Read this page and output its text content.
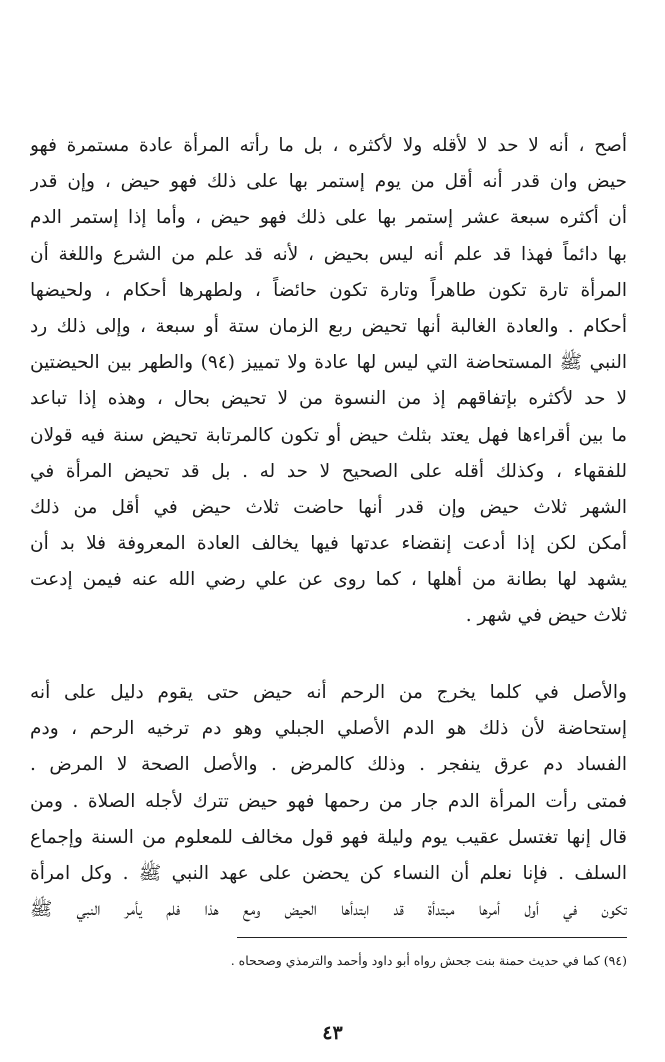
أصح ، أنه لا حد لا لأقله ولا لأكثره ، بل ما رأته المرأة عادة مستمرة فهو
حيض وان قدر أنه أقل من يوم إستمر بها على ذلك فهو حيض ، وإن قدر
أن أكثره سبعة عشر إستمر بها على ذلك فهو حيض ، وأما إذا إستمر الدم
بها دائماً فهذا قد علم أنه ليس بحيض ، لأنه قد علم من الشرع واللغة أن
المرأة تارة تكون طاهراً وتارة تكون حائضاً ، ولطهرها أحكام ، ولحيضها
أحكام . والعادة الغالبة أنها تحيض ربع الزمان ستة أو سبعة ، وإلى ذلك رد
النبي ﷺ المستحاضة التي ليس لها عادة ولا تمييز (٩٤) والطهر بين الحيضتين
لا حد لأكثره بإتفاقهم إذ من النسوة من لا تحيض بحال ، وهذه إذا تباعد
ما بين أقراءها فهل يعتد بثلث حيض أو تكون كالمرتابة تحيض سنة فيه قولان
للفقهاء ، وكذلك أقله على الصحيح لا حد له . بل قد تحيض المرأة في
الشهر ثلاث حيض وإن قدر أنها حاضت ثلاث حيض في أقل من ذلك
أمكن لكن إذا أدعت إنقضاء عدتها فيها يخالف العادة المعروفة فلا بد أن
يشهد لها بطانة من أهلها ، كما روى عن علي رضي الله عنه فيمن إدعت
ثلاث حيض في شهر .
والأصل في كلما يخرج من الرحم أنه حيض حتى يقوم دليل على أنه
إستحاضة لأن ذلك هو الدم الأصلي الجبلي وهو دم ترخيه الرحم ، ودم
الفساد دم عرق ينفجر . وذلك كالمرض . والأصل الصحة لا المرض .
فمتى رأت المرأة الدم جار من رحمها فهو حيض تترك لأجله الصلاة . ومن
قال إنها تغتسل عقيب يوم وليلة فهو قول مخالف للمعلوم من السنة وإجماع
السلف . فإنا نعلم أن النساء كن يحضن على عهد النبي ﷺ . وكل امرأة
تكون في أول أمرها مبتدأة قد ابتدأها الحيض ومع هذا فلم يأمر النبي ﷺ
(٩٤) كما في حديث حمنة بنت جحش رواه أبو داود وأحمد والترمذي وصححاه .
٤٣
